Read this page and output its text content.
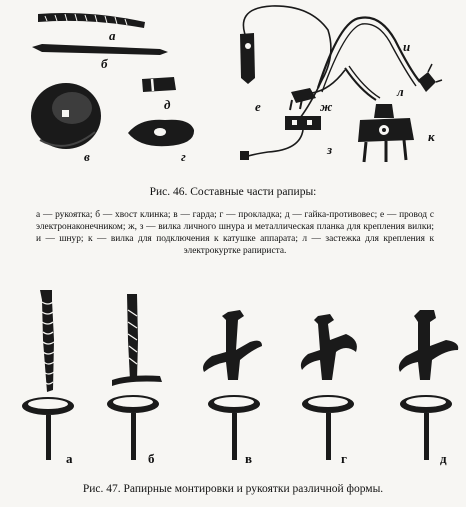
а
б
в	г
д	е	ж
з
и
л
к
Рис. 46. Составные части рапиры:
а — рукоятка; б — хвост клинка; в — гарда; г — прокладка; д — гайка-противовес; е — провод с электронаконечником; ж, з — вилка личного шнура и металлическая планка для крепления вилки; и — шнур; к — вилка для подключения к катушке аппарата; л — застежка для крепления к электрокуртке рапириста.
а	б	в	г	д
Рис. 47. Рапирные монтировки и рукоятки различной формы.
